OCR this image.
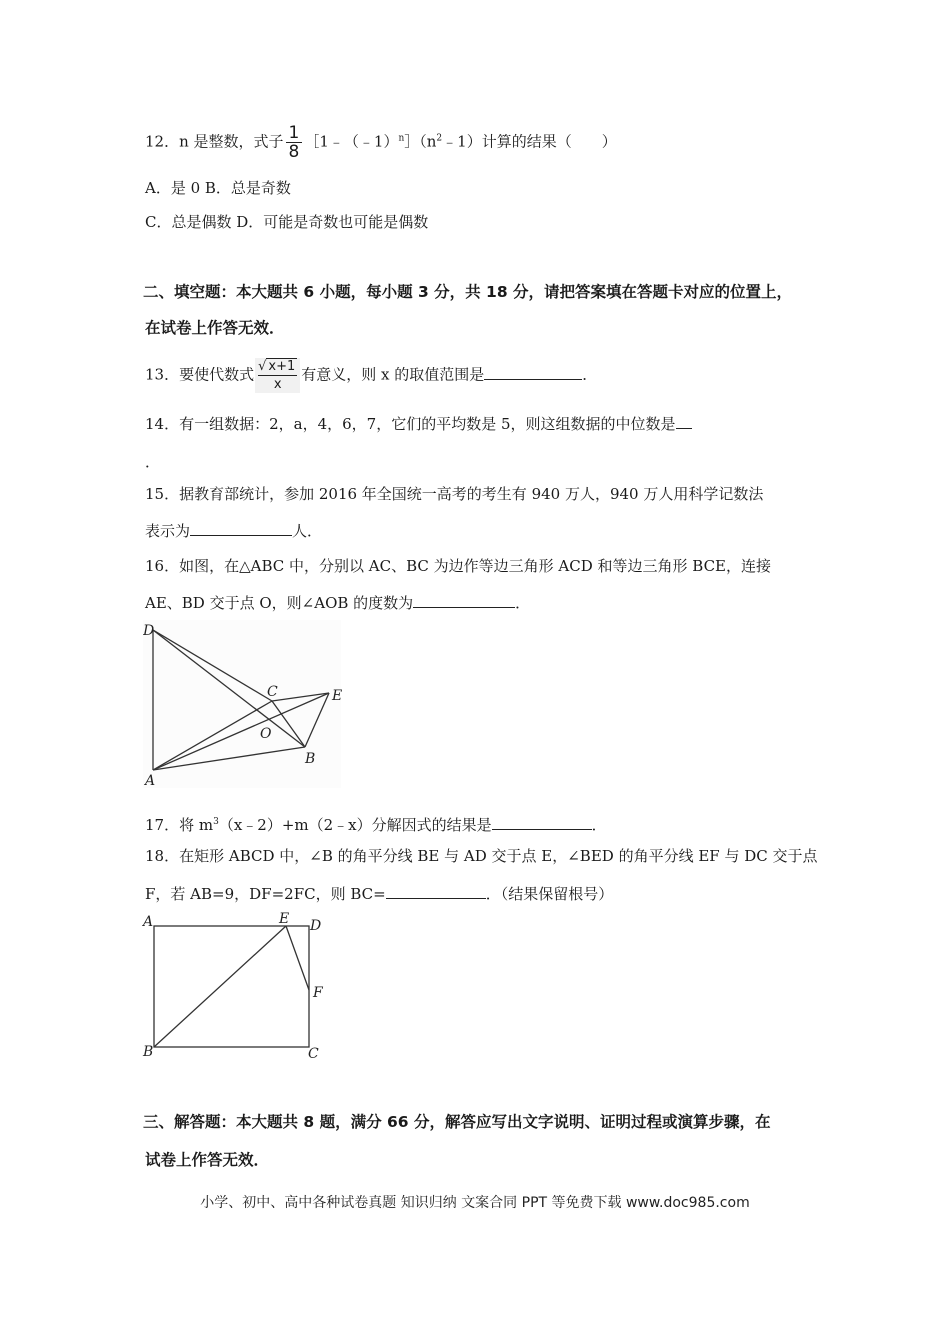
12．n 是整数，式子 $\frac{1}{8}$ $[1﹣(﹣1)^n](n^2﹣1)$计算的结果（　　）
A．是 0 B．总是奇数
C．总是偶数 D．可能是奇数也可能是偶数
二、填空题：本大题共 6 小题，每小题 3 分，共 18 分，请把答案填在答题卡对应的位置上，
在试卷上作答无效．
13．要使代数式 $\frac{√ x+1}{x}$ 有意义，则 x 的取值范围是	．
14．有一组数据：2，a，4，6，7，它们的平均数是 5，则这组数据的中位数是
．
15．据教育部统计，参加 2016 年全国统一高考的考生有 940 万人，940 万人用科学记数法
表示为	人．
16．如图，在△ABC 中，分别以 AC、BC 为边作等边三角形 ACD 和等边三角形 BCE，连接
AE、BD 交于点 O，则∠AOB 的度数为	．
D
C	E
O
B
A
17．将 $m^3(x﹣2)+m(2﹣x)$分解因式的结果是	．
18．在矩形 ABCD 中，∠B 的角平分线 BE 与 AD 交于点 E，∠BED 的角平分线 EF 与 DC 交于点
F，若 AB=9，DF=2FC，则 BC=	．（结果保留根号）
A	E D
F
B	C
三、解答题：本大题共 8 题，满分 66 分，解答应写出文字说明、证明过程或演算步骤，在
试卷上作答无效．
小学、初中、高中各种试卷真题 知识归纳 文案合同 PPT 等免费下载 www.doc985.com
